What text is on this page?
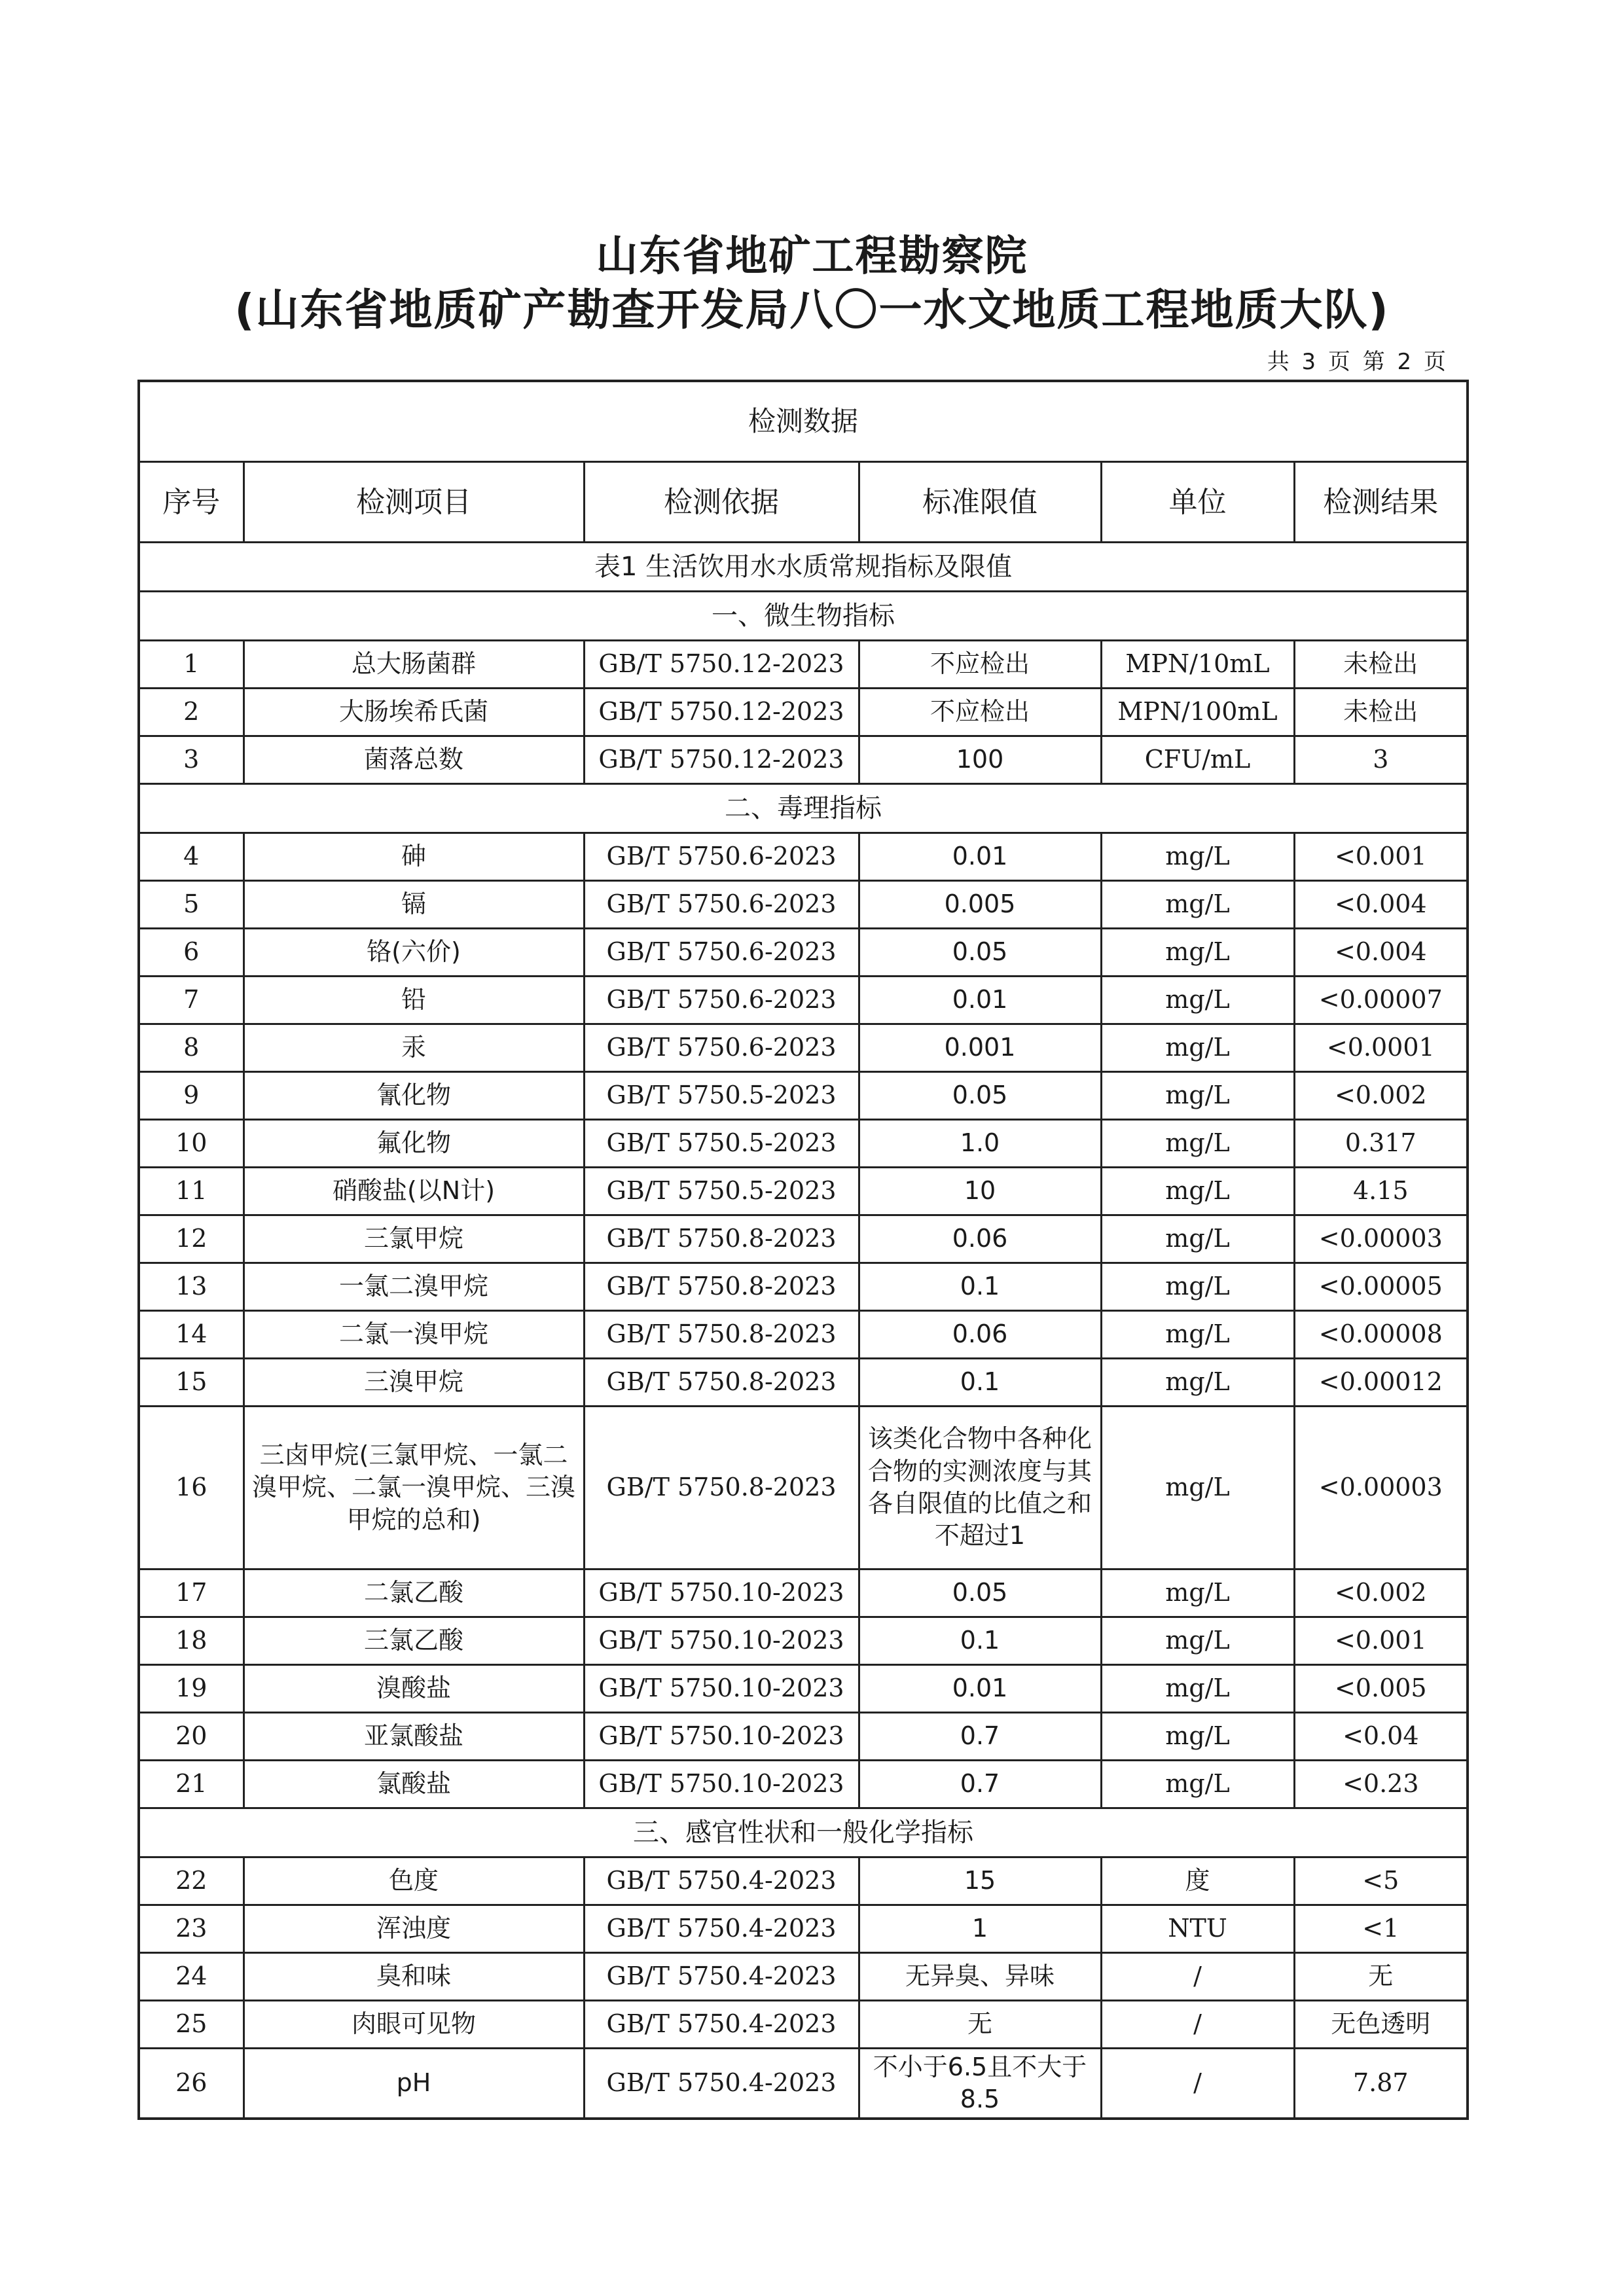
山东省地矿工程勘察院
(山东省地质矿产勘查开发局八〇一水文地质工程地质大队)
共 3 页 第 2 页
检测数据					
序号	检测项目	检测依据	标准限值	单位	检测结果
表1 生活饮用水水质常规指标及限值					
一、微生物指标					
1	总大肠菌群	GB/T 5750.12-2023	不应检出	MPN/10mL	未检出
2	大肠埃希氏菌	GB/T 5750.12-2023	不应检出	MPN/100mL	未检出
3	菌落总数	GB/T 5750.12-2023	100	CFU/mL	3
二、毒理指标					
4	砷	GB/T 5750.6-2023	0.01	mg/L	<0.001
5	镉	GB/T 5750.6-2023	0.005	mg/L	<0.004
6	铬(六价)	GB/T 5750.6-2023	0.05	mg/L	<0.004
7	铅	GB/T 5750.6-2023	0.01	mg/L	<0.00007
8	汞	GB/T 5750.6-2023	0.001	mg/L	<0.0001
9	氰化物	GB/T 5750.5-2023	0.05	mg/L	<0.002
10	氟化物	GB/T 5750.5-2023	1.0	mg/L	0.317
11	硝酸盐(以N计)	GB/T 5750.5-2023	10	mg/L	4.15
12	三氯甲烷	GB/T 5750.8-2023	0.06	mg/L	<0.00003
13	一氯二溴甲烷	GB/T 5750.8-2023	0.1	mg/L	<0.00005
14	二氯一溴甲烷	GB/T 5750.8-2023	0.06	mg/L	<0.00008
15	三溴甲烷	GB/T 5750.8-2023	0.1	mg/L	<0.00012
16	三卤甲烷(三氯甲烷、一氯二溴甲烷、二氯一溴甲烷、三溴甲烷的总和)	GB/T 5750.8-2023	该类化合物中各种化合物的实测浓度与其各自限值的比值之和不超过1	mg/L	<0.00003
17	二氯乙酸	GB/T 5750.10-2023	0.05	mg/L	<0.002
18	三氯乙酸	GB/T 5750.10-2023	0.1	mg/L	<0.001
19	溴酸盐	GB/T 5750.10-2023	0.01	mg/L	<0.005
20	亚氯酸盐	GB/T 5750.10-2023	0.7	mg/L	<0.04
21	氯酸盐	GB/T 5750.10-2023	0.7	mg/L	<0.23
三、感官性状和一般化学指标					
22	色度	GB/T 5750.4-2023	15	度	<5
23	浑浊度	GB/T 5750.4-2023	1	NTU	<1
24	臭和味	GB/T 5750.4-2023	无异臭、异味	/	无
25	肉眼可见物	GB/T 5750.4-2023	无	/	无色透明
26	pH	GB/T 5750.4-2023	不小于6.5且不大于8.5	/	7.87
